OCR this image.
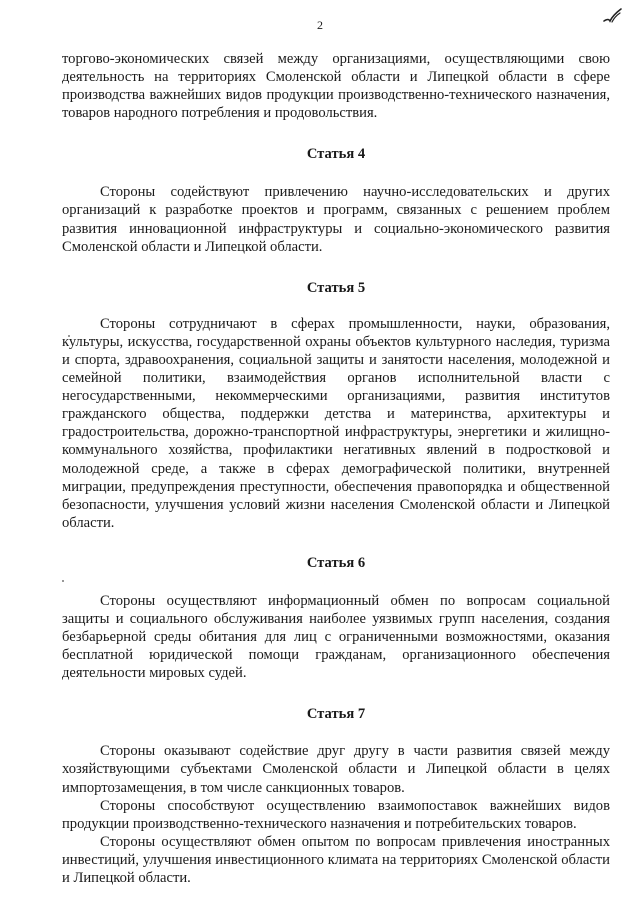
2

торгово-экономических связей между организациями, осуществляющими свою деятельность на территориях Смоленской области и Липецкой области в сфере производства важнейших видов продукции производственно-технического назначения, товаров народного потребления и продовольствия.

Статья 4

Стороны содействуют привлечению научно-исследовательских и других организаций к разработке проектов и программ, связанных с решением проблем развития инновационной инфраструктуры и социально-экономического развития Смоленской области и Липецкой области.

Статья 5

Стороны сотрудничают в сферах промышленности, науки, образования, культуры, искусства, государственной охраны объектов культурного наследия, туризма и спорта, здравоохранения, социальной защиты и занятости населения, молодежной и семейной политики, взаимодействия органов исполнительной власти с негосударственными, некоммерческими организациями, развития институтов гражданского общества, поддержки детства и материнства, архитектуры и градостроительства, дорожно-транспортной инфраструктуры, энергетики и жилищно-коммунального хозяйства, профилактики негативных явлений в подростковой и молодежной среде, а также в сферах демографической политики, внутренней миграции, предупреждения преступности, обеспечения правопорядка и общественной безопасности, улучшения условий жизни населения Смоленской области и Липецкой области.

Статья 6

Стороны осуществляют информационный обмен по вопросам социальной защиты и социального обслуживания наиболее уязвимых групп населения, создания безбарьерной среды обитания для лиц с ограниченными возможностями, оказания бесплатной юридической помощи гражданам, организационного обеспечения деятельности мировых судей.

Статья 7

Стороны оказывают содействие друг другу в части развития связей между хозяйствующими субъектами Смоленской области и Липецкой области в целях импортозамещения, в том числе санкционных товаров.

Стороны способствуют осуществлению взаимопоставок важнейших видов продукции производственно-технического назначения и потребительских товаров.

Стороны осуществляют обмен опытом по вопросам привлечения иностранных инвестиций, улучшения инвестиционного климата на территориях Смоленской области и Липецкой области.
